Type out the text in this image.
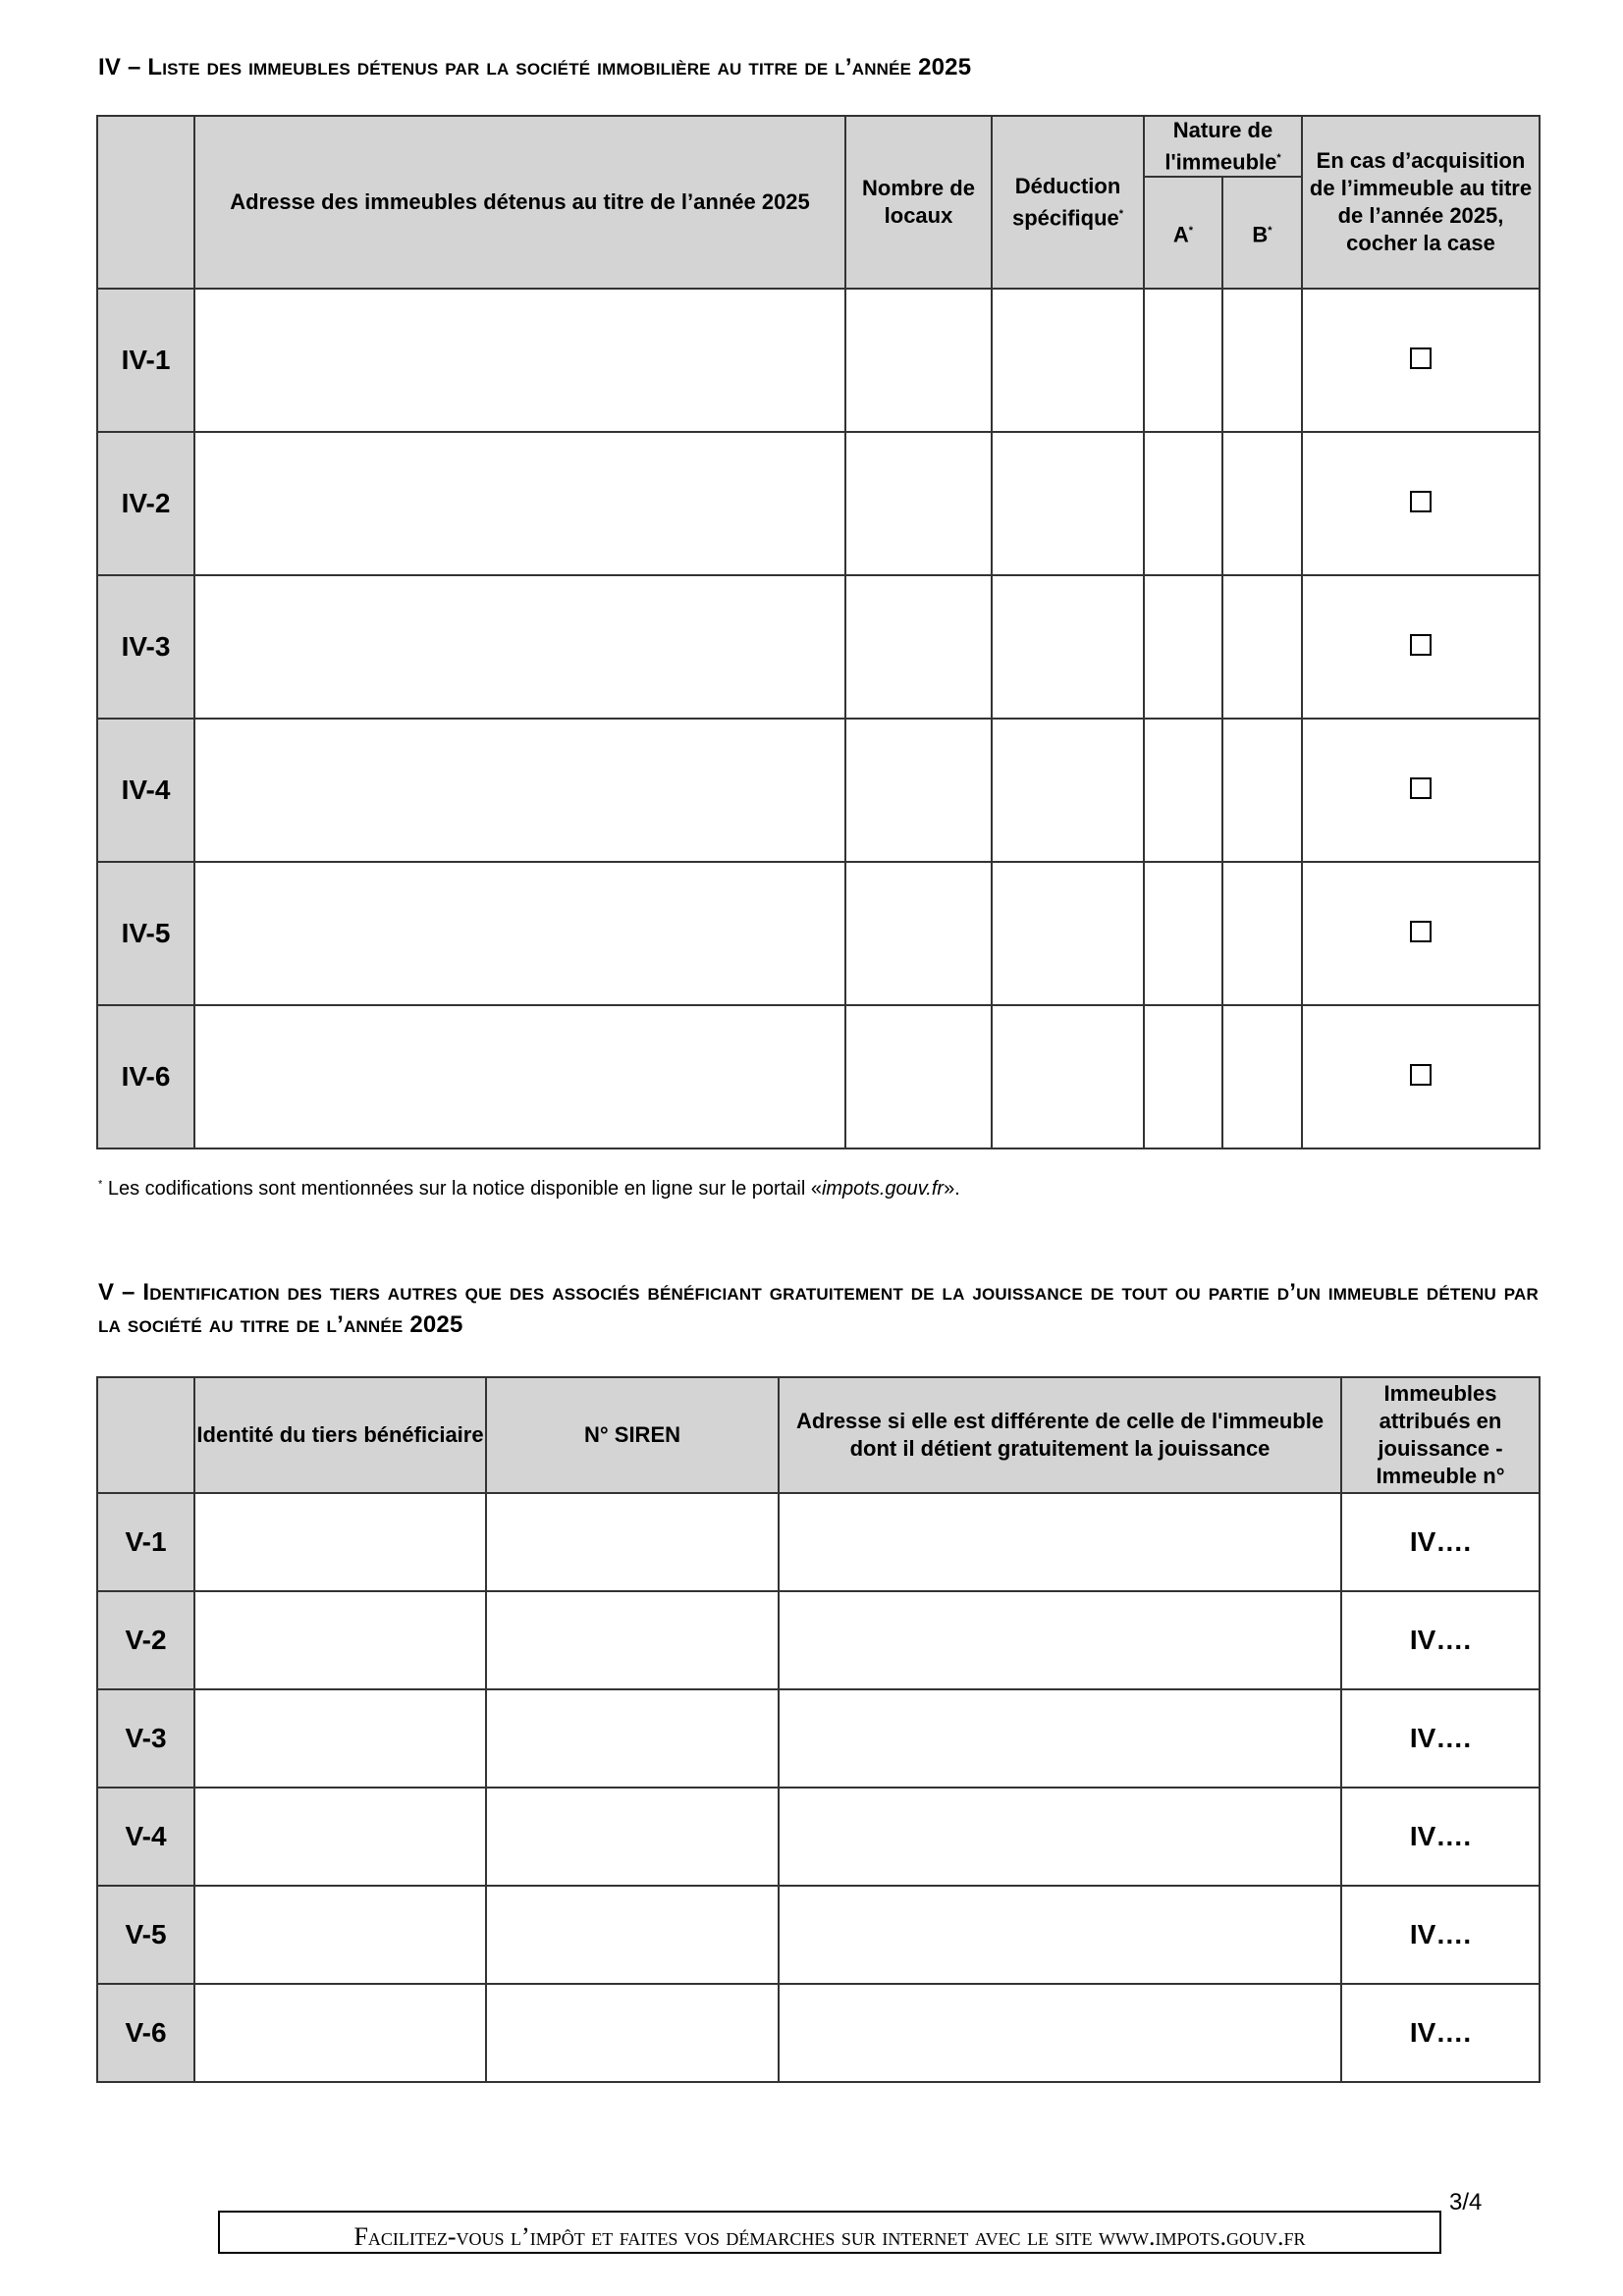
IV – Liste des immeubles détenus par la société immobilière au titre de l’année 2025
	Adresse des immeubles détenus au titre de l’année 2025	Nombre de locaux	Déduction spécifique*	Nature de l'immeuble*		En cas d’acquisition de l’immeuble au titre de l’année 2025, cocher la case
				A*	B*
IV-1						
IV-2						
IV-3						
IV-4						
IV-5						
IV-6						
* Les codifications sont mentionnées sur la notice disponible en ligne sur le portail «impots.gouv.fr».
V – Identification des tiers autres que des associés bénéficiant gratuitement de la jouissance de tout ou partie d’un immeuble détenu par la société au titre de l’année 2025
	Identité du tiers bénéficiaire	N° SIREN	Adresse si elle est différente de celle de l'immeuble dont il détient gratuitement la jouissance	Immeubles attribués en jouissance - Immeuble n°
V-1				IV….
V-2				IV….
V-3				IV….
V-4				IV….
V-5				IV….
V-6				IV….
3/4
Facilitez-vous l’impôt et faites vos démarches sur internet avec le site www.impots.gouv.fr
